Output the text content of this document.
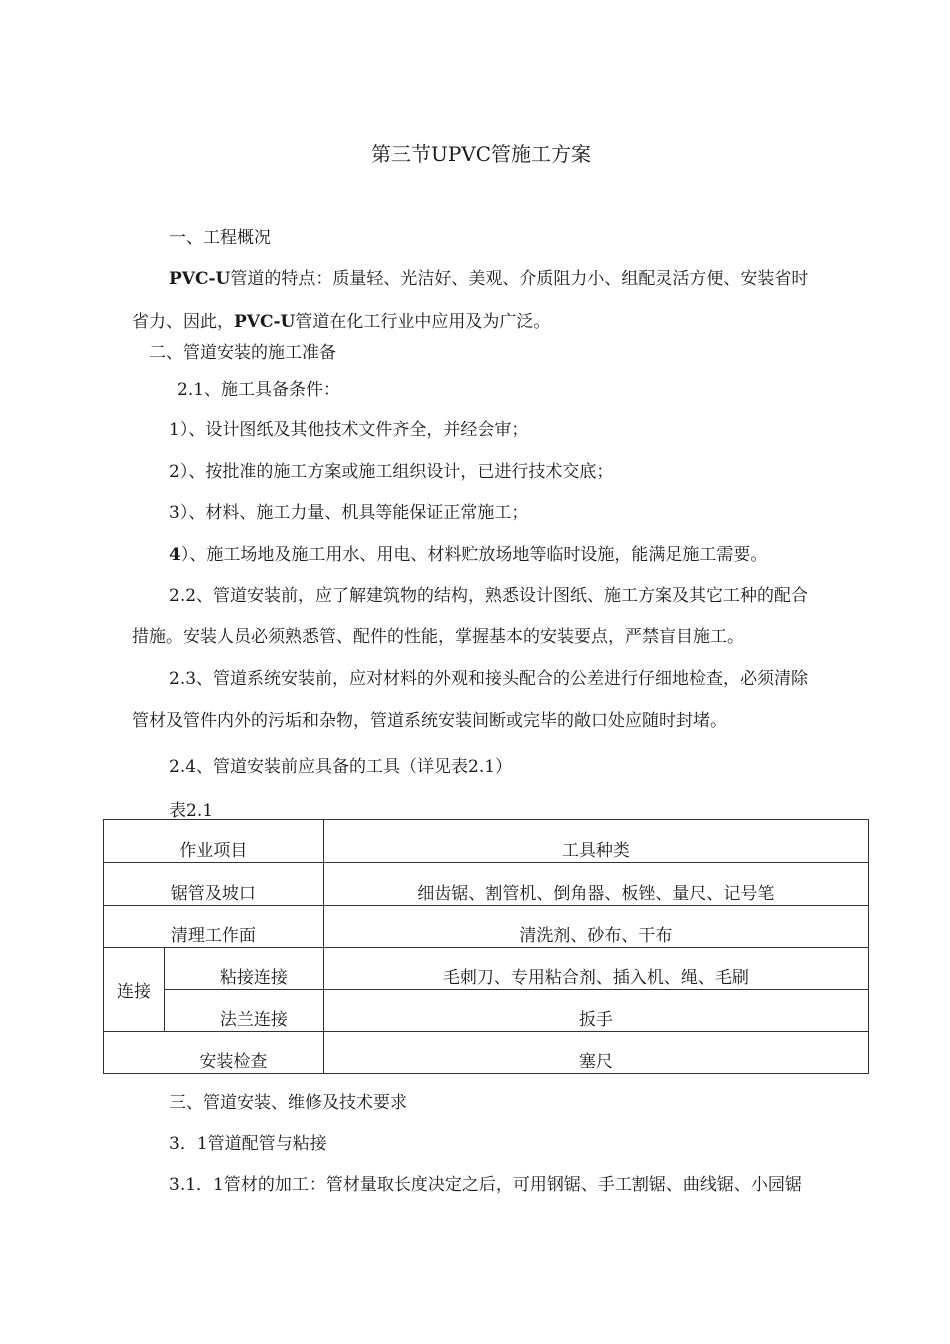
第三节UPVC管施工方案
一、工程概况
PVC-U管道的特点：质量轻、光洁好、美观、介质阻力小、组配灵活方便、安装省时
省力、因此，PVC-U管道在化工行业中应用及为广泛。
二、管道安装的施工准备
2.1、施工具备条件：
1）、设计图纸及其他技术文件齐全，并经会审；
2）、按批准的施工方案或施工组织设计，已进行技术交底；
3）、材料、施工力量、机具等能保证正常施工；
4）、施工场地及施工用水、用电、材料贮放场地等临时设施，能满足施工需要。
2.2、管道安装前，应了解建筑物的结构，熟悉设计图纸、施工方案及其它工种的配合
措施。安装人员必须熟悉管、配件的性能，掌握基本的安装要点，严禁盲目施工。
2.3、管道系统安装前，应对材料的外观和接头配合的公差进行仔细地检查，必须清除
管材及管件内外的污垢和杂物，管道系统安装间断或完毕的敞口处应随时封堵。
2.4、管道安装前应具备的工具（详见表2.1）
表2.1
作业项目		工具种类

锯管及坡口		细齿锯、割管机、倒角器、板锉、量尺、记号笔

清理工作面		清洗剂、砂布、干布

连接	粘接连接	毛刺刀、专用粘合剂、插入机、绳、毛刷

	法兰连接	扳手

安装检查		塞尺
三、管道安装、维修及技术要求
3．1管道配管与粘接
3.1．1管材的加工：管材量取长度决定之后，可用钢锯、手工割锯、曲线锯、小园锯
